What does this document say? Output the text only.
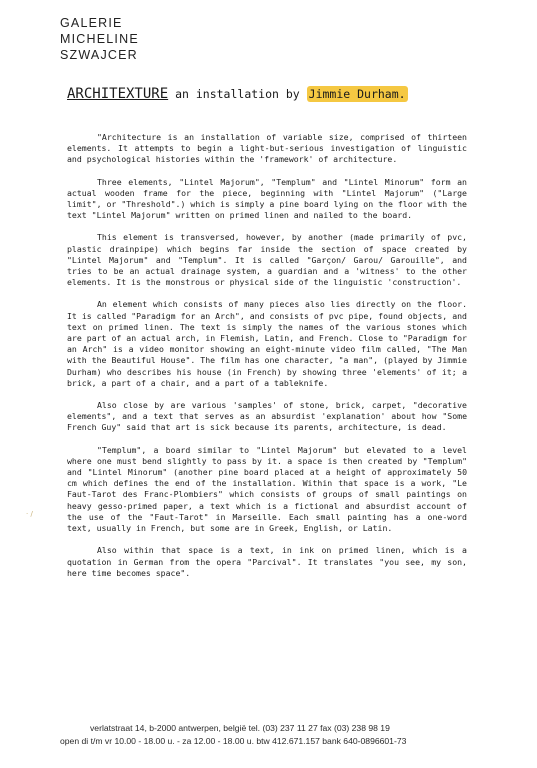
GALERIE
MICHELINE
SZWAJCER
ARCHITEXTURE an installation by Jimmie Durham.

"Architecture is an installation of variable size, comprised of thirteen elements. It attempts to begin a light-but-serious investigation of linguistic and psychological histories within the 'framework' of architecture.

Three elements, "Lintel Majorum", "Templum" and "Lintel Minorum" form an actual wooden frame for the piece, beginning with "Lintel Majorum" ("Large limit", or "Threshold".) which is simply a pine board lying on the floor with the text "Lintel Majorum" written on primed linen and nailed to the board.

This element is transversed, however, by another (made primarily of pvc, plastic drainpipe) which begins far inside the section of space created by "Lintel Majorum" and "Templum". It is called "Garçon/ Garou/ Garouille", and tries to be an actual drainage system, a guardian and a 'witness' to the other elements. It is the monstrous or physical side of the linguistic 'construction'.

An element which consists of many pieces also lies directly on the floor. It is called "Paradigm for an Arch", and consists of pvc pipe, found objects, and text on primed linen. The text is simply the names of the various stones which are part of an actual arch, in Flemish, Latin, and French. Close to "Paradigm for an Arch" is a video monitor showing an eight-minute video film called, "The Man with the Beautiful House". The film has one character, "a man", (played by Jimmie Durham) who describes his house (in French) by showing three 'elements' of it; a brick, a part of a chair, and a part of a tableknife.

Also close by are various 'samples' of stone, brick, carpet, "decorative elements", and a text that serves as an absurdist 'explanation' about how "Some French Guy" said that art is sick because its parents, architecture, is dead.

"Templum", a board similar to "Lintel Majorum" but elevated to a level where one must bend slightly to pass by it. a space is then created by "Templum" and "Lintel Minorum" (another pine board placed at a height of approximately 50 cm which defines the end of the installation. Within that space is a work, "Le Faut-Tarot des Franc-Plombiers" which consists of groups of small paintings on heavy gesso-primed paper, a text which is a fictional and absurdist account of the use of the "Faut-Tarot" in Marseille. Each small painting has a one-word text, usually in French, but some are in Greek, English, or Latin.

Also within that space is a text, in ink on primed linen, which is a quotation in German from the opera "Parcival". It translates "you see, my son, here time becomes space".

· /
verlatstraat 14, b-2000 antwerpen, belgië tel. (03) 237 11 27 fax (03) 238 98 19
open di t/m vr 10.00 - 18.00 u. - za 12.00 - 18.00 u. btw 412.671.157 bank 640-0896601-73
